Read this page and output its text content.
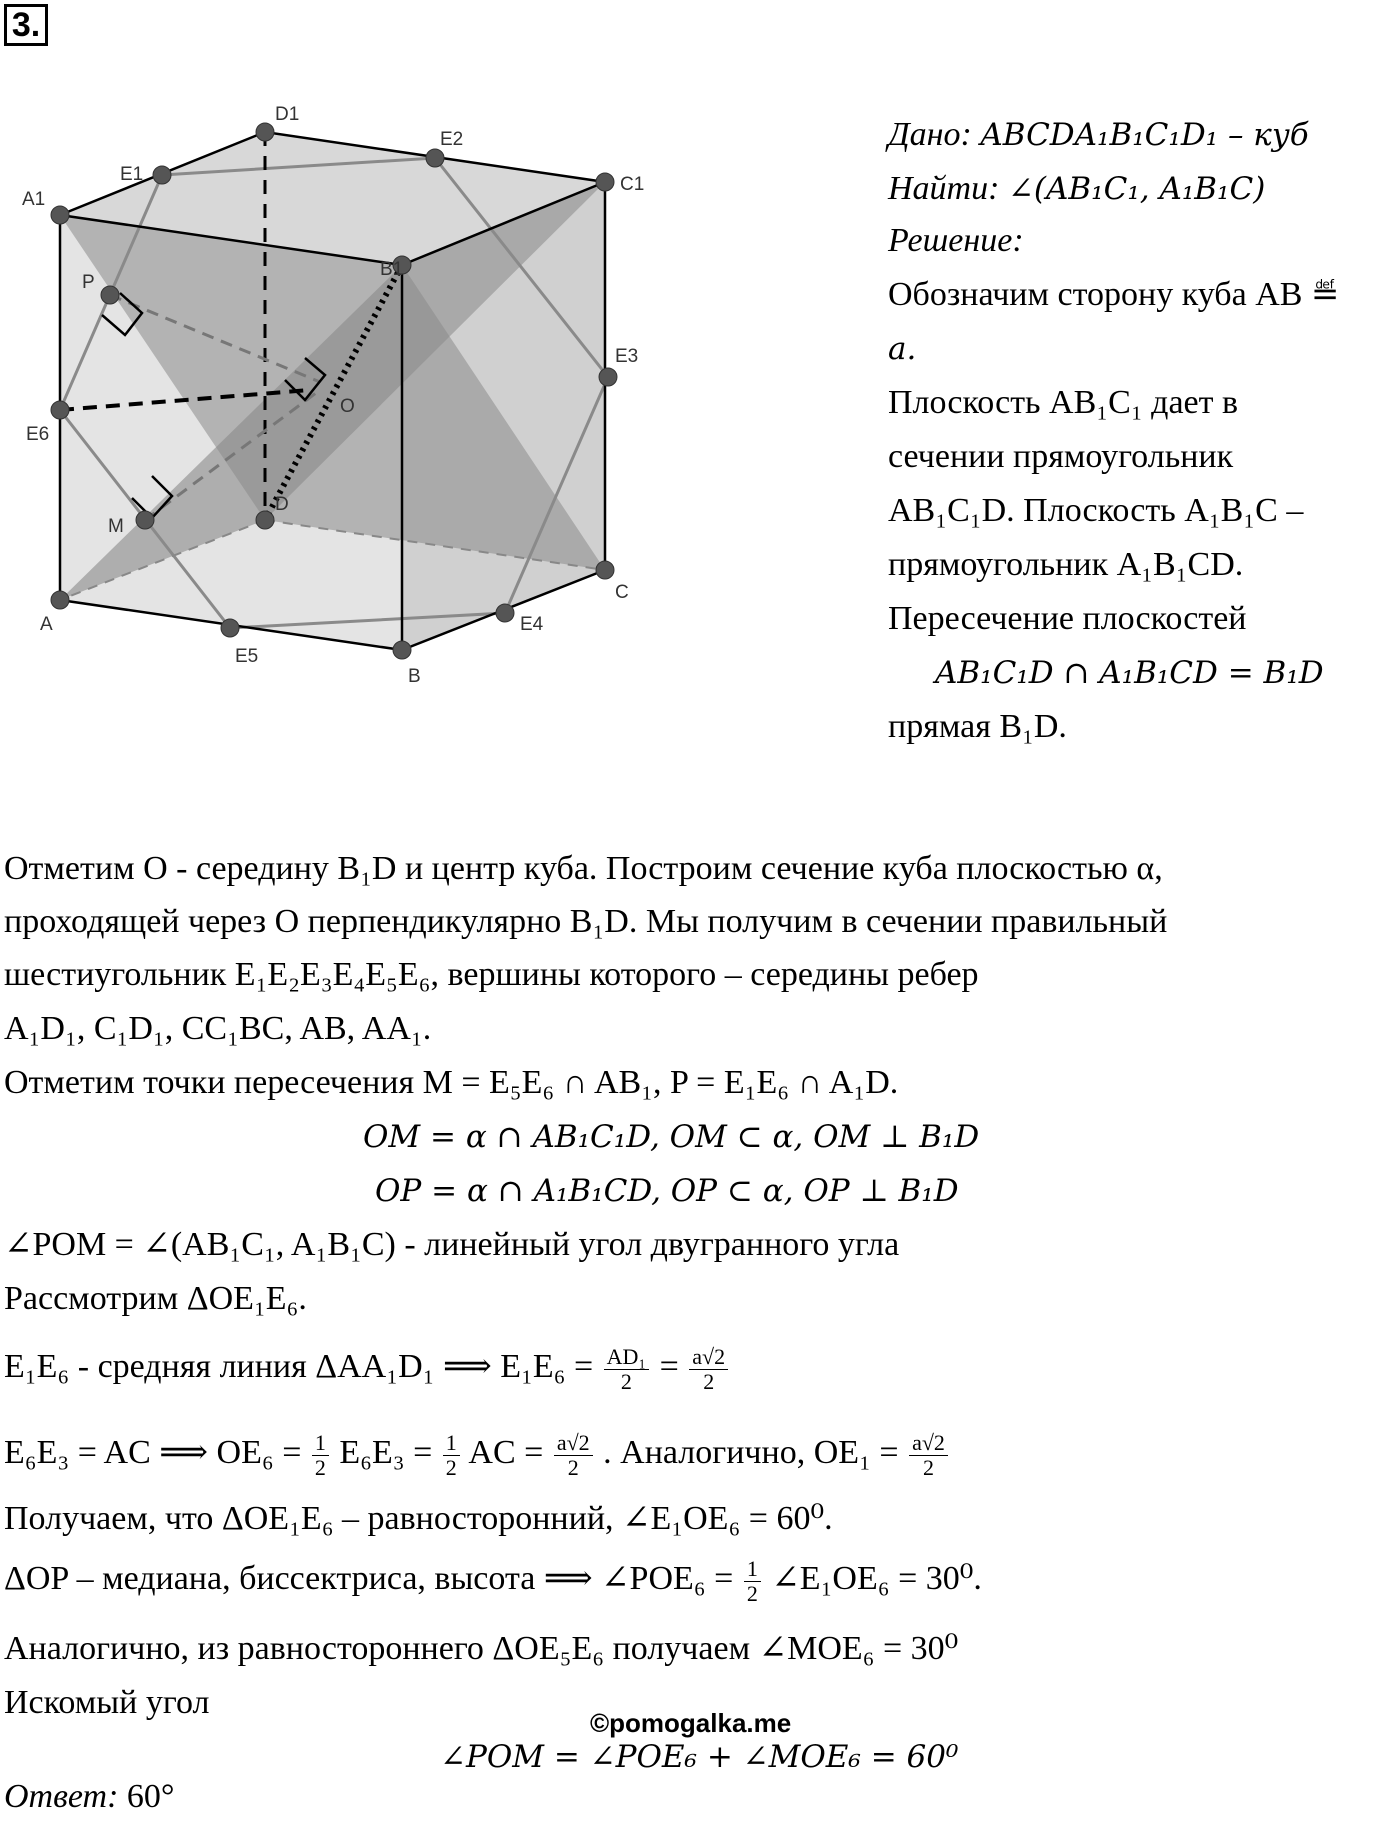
3.
A1
D1
C1
B1
E1
E2
E3
E4
E5
E6
P
M
O
D
A
C
B
Дано: ABCDA₁B₁C₁D₁ – куб
Найти: ∠(AB₁C₁, A₁B₁C)
Решение:
Обозначим сторону куба AB ≝
a.
Плоскость AB₁C₁ дает в
сечении прямоугольник
AB₁C₁D. Плоскость A₁B₁C –
прямоугольник A₁B₁CD.
Пересечение плоскостей
AB₁C₁D ∩ A₁B₁CD = B₁D
прямая B₁D.
Отметим O - середину B₁D и центр куба. Построим сечение куба плоскостью α,
проходящей через O перпендикулярно B₁D. Мы получим в сечении правильный
шестиугольник E₁E₂E₃E₄E₅E₆, вершины которого – середины ребер
A₁D₁, C₁D₁, CC₁BC, AB, AA₁.
Отметим точки пересечения M = E₅E₆ ∩ AB₁, P = E₁E₆ ∩ A₁D.
OM = α ∩ AB₁C₁D, OM ⊂ α, OM ⊥ B₁D
OP = α ∩ A₁B₁CD, OP ⊂ α, OP ⊥ B₁D
∠POM = ∠(AB₁C₁, A₁B₁C) - линейный угол двугранного угла
Рассмотрим ΔOE₁E₆.
E₁E₆ - средняя линия ΔAA₁D₁ ⟹ $E_1E_6 = \frac{\text{AD₁}}{2} = \frac{a√2}{2}$
E₆E₃ = AC ⟹ $OE_6 = \frac{1}{2} E_6E_3 = \frac{1}{2}$ AC = $\frac{a√2}{2}$ . Аналогично, $OE_1 = \frac{a√2}{2}$
Получаем, что ΔOE₁E₆ – равносторонний, ∠E₁OE₆ = 60⁰.
ΔOP – медиана, биссектриса, высота ⟹ ∠POE₆ = $\frac{1}{2}$ ∠E₁OE₆ = 30⁰.
Аналогично, из равностороннего ΔOE₅E₆ получаем ∠MOE₆ = 30⁰
Искомый угол
©pomogalka.me
∠POM = ∠POE₆ + ∠MOE₆ = 60⁰
Ответ: 60°
